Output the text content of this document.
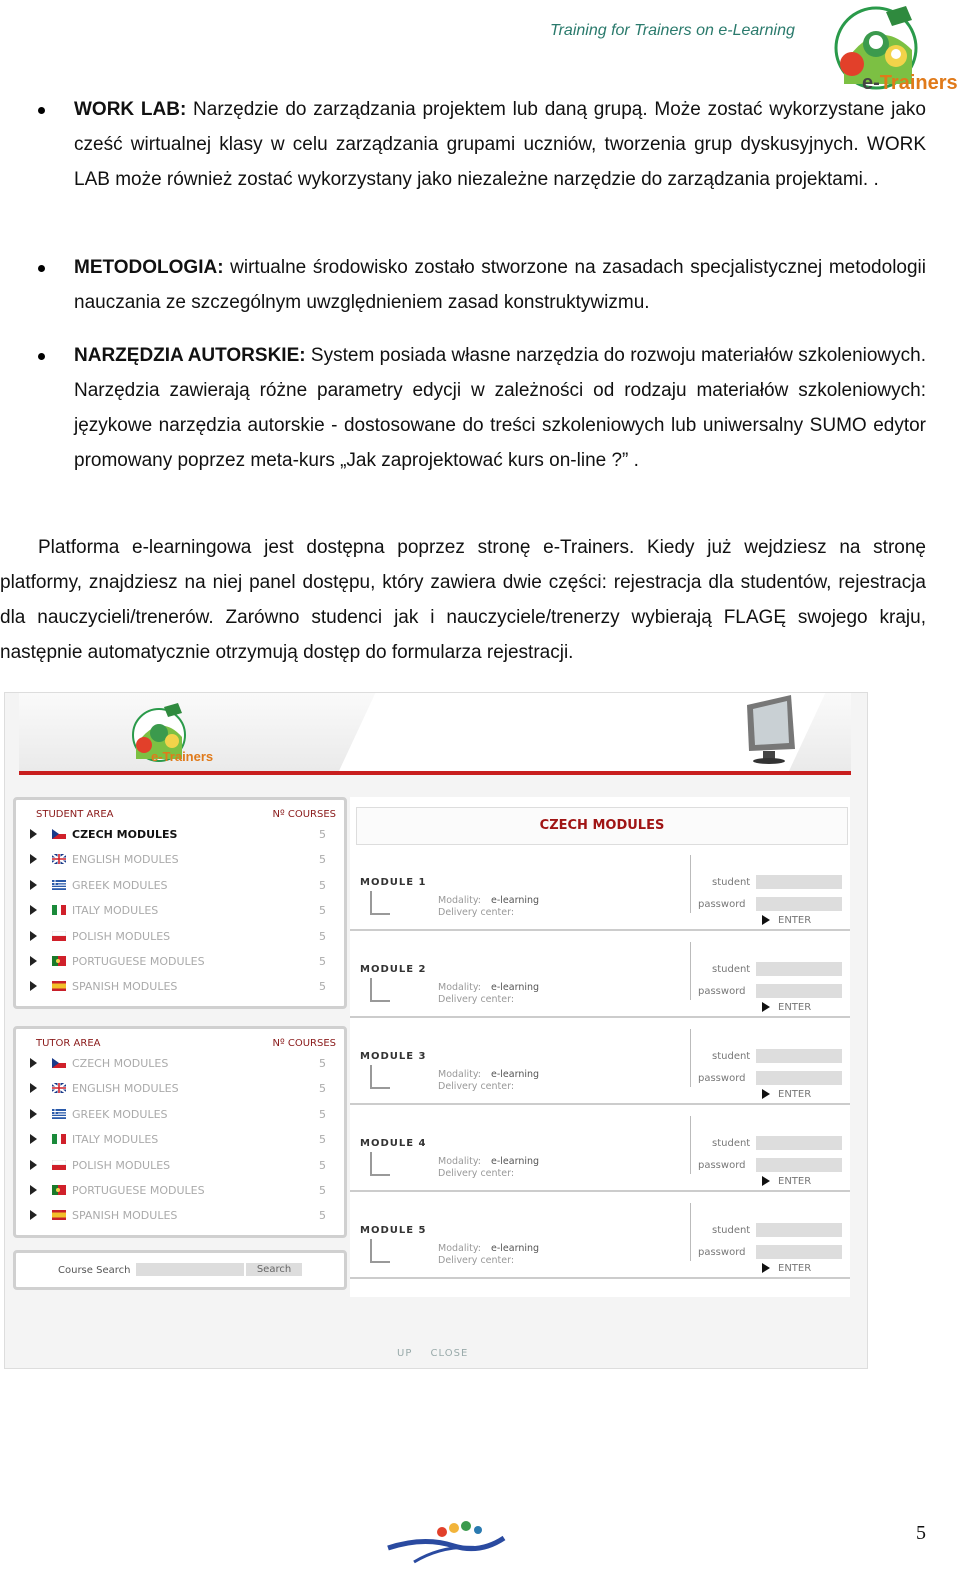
Training for Trainers on e-Learning
e-Trainers

WORK LAB: Narzędzie do zarządzania projektem lub daną grupą. Może zostać wykorzystane jako cześć wirtualnej klasy w celu zarządzania grupami uczniów, tworzenia grup dyskusyjnych. WORK LAB może również zostać wykorzystany jako niezależne narzędzie do zarządzania projektami. .

METODOLOGIA: wirtualne środowisko zostało stworzone na zasadach specjalistycznej metodologii nauczania ze szczególnym uwzględnieniem zasad konstruktywizmu.

NARZĘDZIA AUTORSKIE: System posiada własne narzędzia do rozwoju materiałów szkoleniowych. Narzędzia zawierają różne parametry edycji w zależności od rodzaju materiałów szkoleniowych: językowe narzędzia autorskie - dostosowane do treści szkoleniowych lub uniwersalny SUMO edytor promowany poprzez meta-kurs „Jak zaprojektować kurs on-line ?” .

Platforma e-learningowa jest dostępna poprzez stronę e-Trainers. Kiedy już wejdziesz na stronę platformy, znajdziesz na niej panel dostępu, który zawiera dwie części: rejestracja dla studentów, rejestracja dla nauczycieli/trenerów. Zarówno studenci jak i nauczyciele/trenerzy wybierają FLAGĘ swojego kraju, następnie automatycznie otrzymują dostęp do formularza rejestracji.

e-Trainers
STUDENT AREA	Nº COURSES
CZECH MODULES	5
ENGLISH MODULES	5
GREEK MODULES	5
ITALY MODULES	5
POLISH MODULES	5
PORTUGUESE MODULES	5
SPANISH MODULES	5
TUTOR AREA	Nº COURSES
CZECH MODULES	5
ENGLISH MODULES	5
GREEK MODULES	5
ITALY MODULES	5
POLISH MODULES	5
PORTUGUESE MODULES	5
SPANISH MODULES	5
Course Search	Search
CZECH MODULES
MODULE 1
Modality: e-learning
Delivery center:
student
password
ENTER
MODULE 2
Modality: e-learning
Delivery center:
student
password
ENTER
MODULE 3
Modality: e-learning
Delivery center:
student
password
ENTER
MODULE 4
Modality: e-learning
Delivery center:
student
password
ENTER
MODULE 5
Modality: e-learning
Delivery center:
student
password
ENTER
UP CLOSE
5
